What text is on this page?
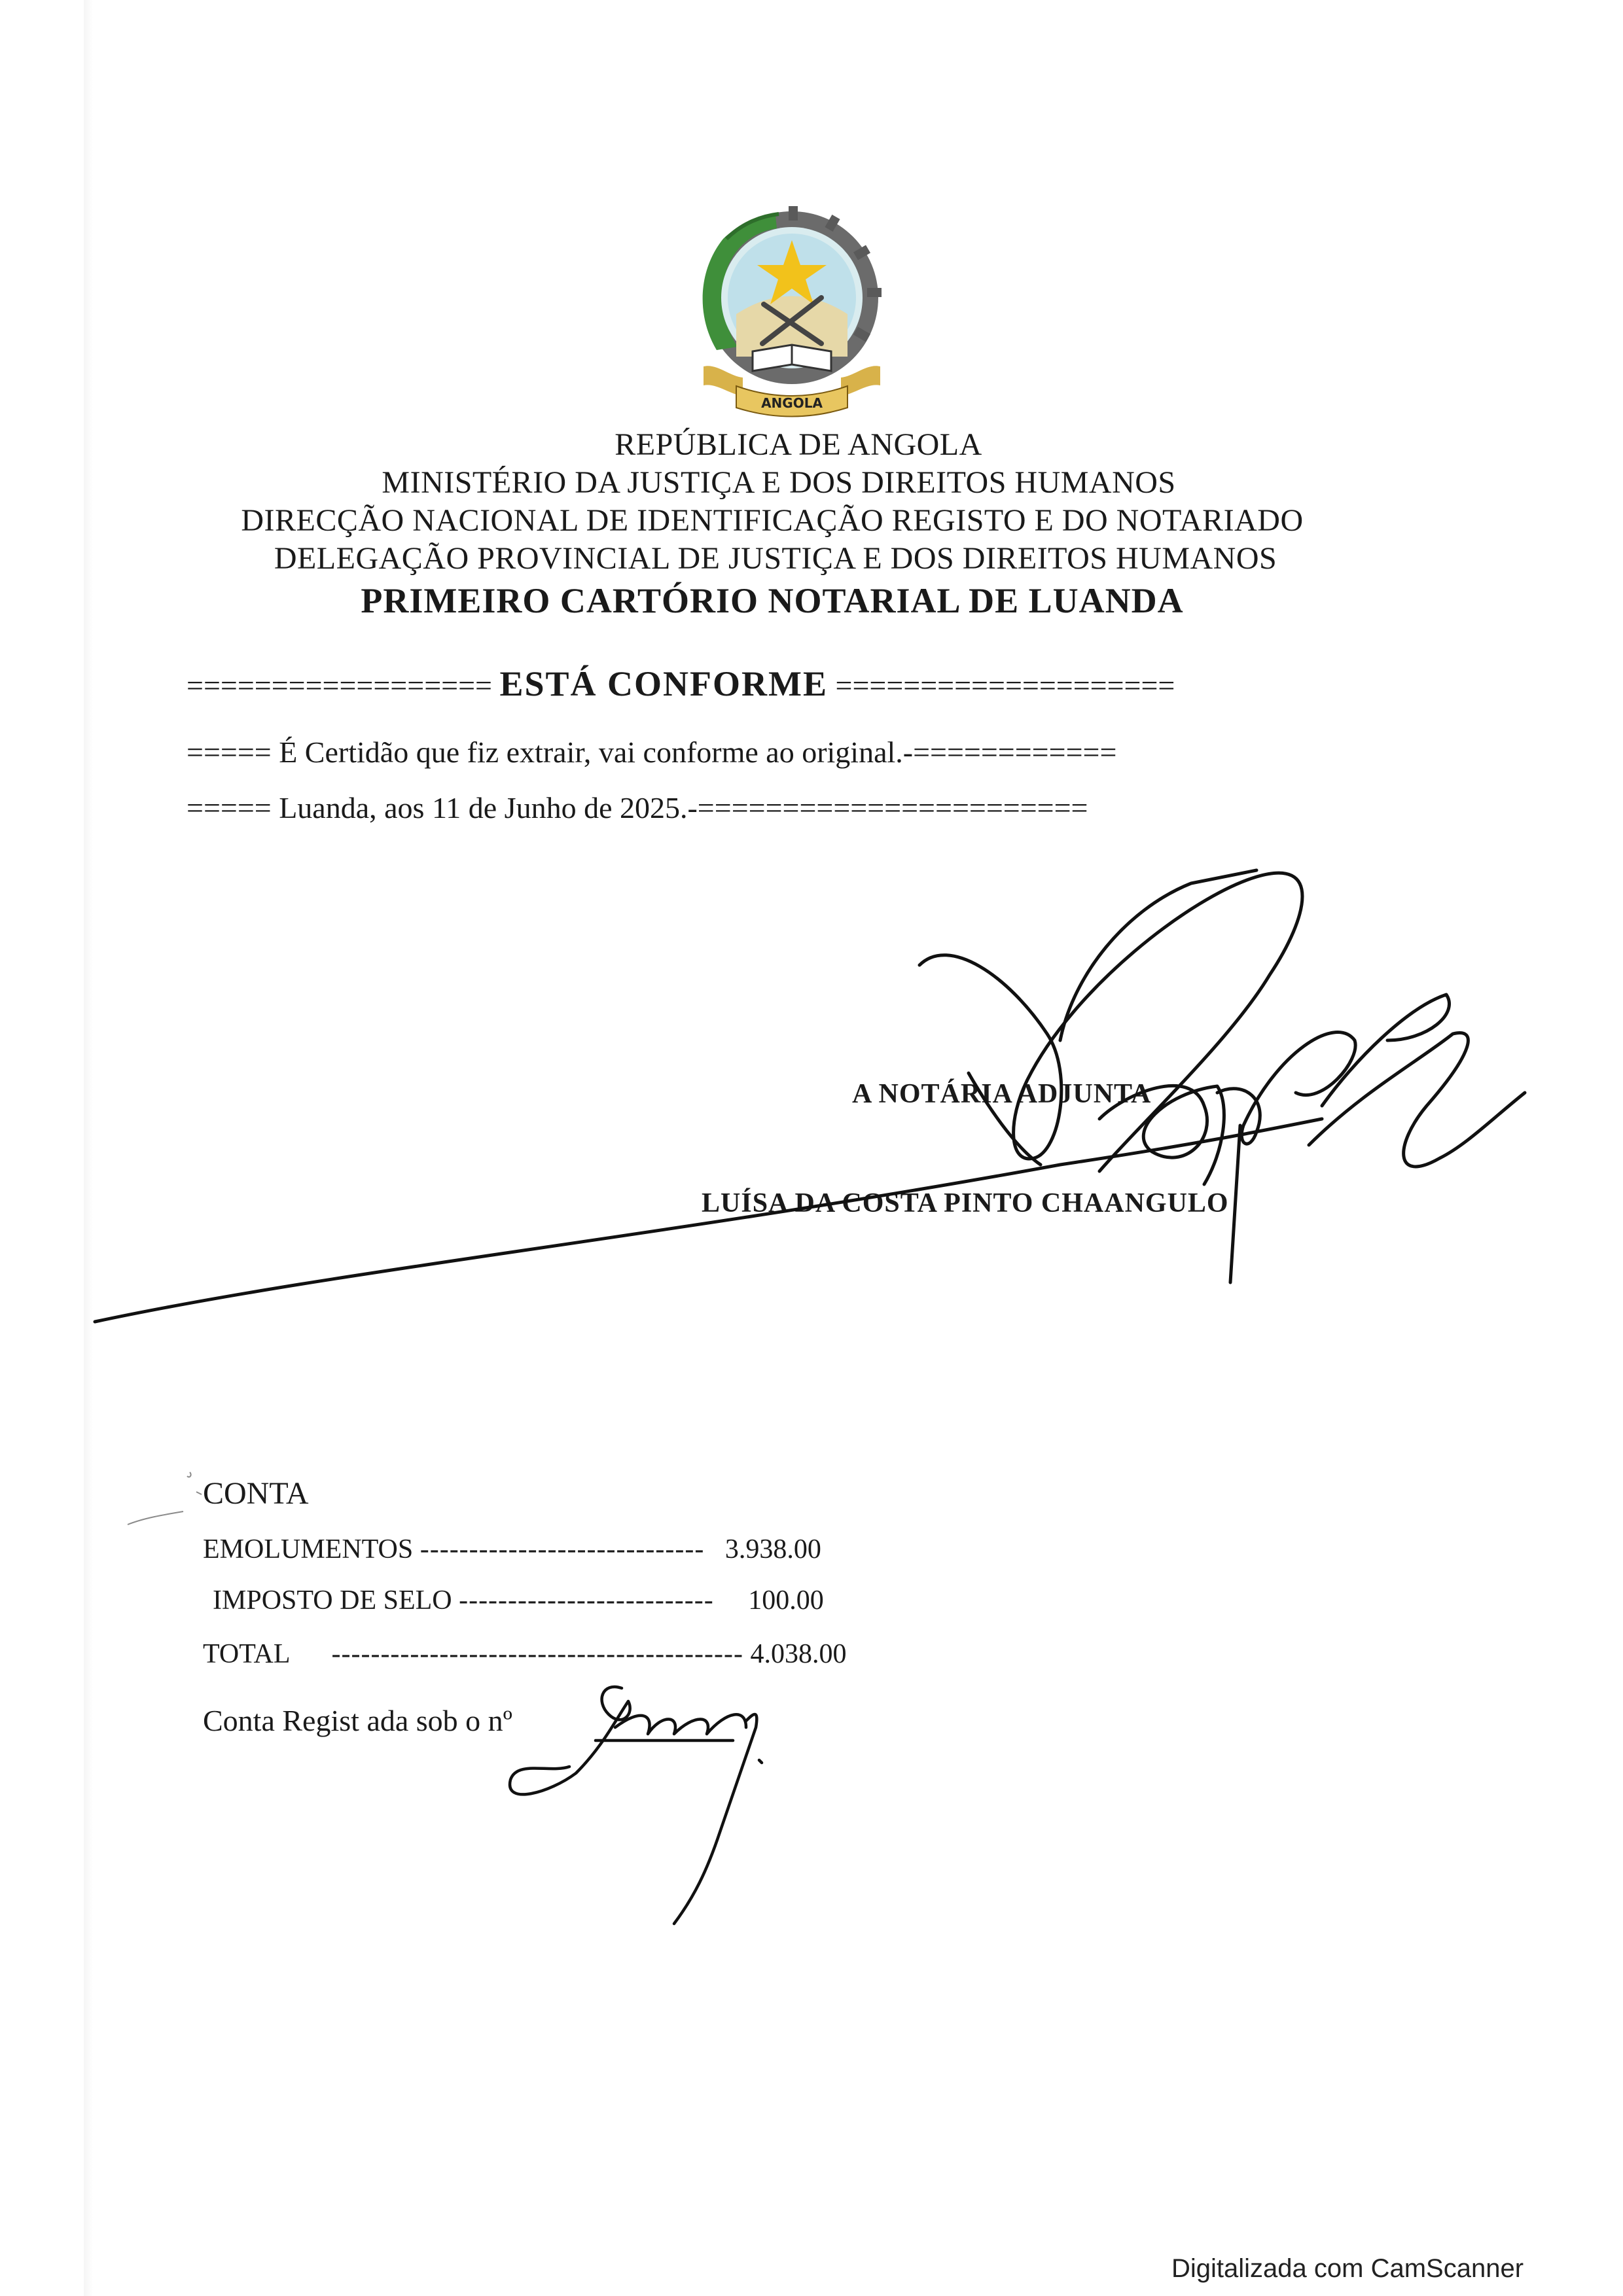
ANGOLA
REPÚBLICA DE ANGOLA
MINISTÉRIO DA JUSTIÇA E DOS DIREITOS HUMANOS
DIRECÇÃO NACIONAL DE IDENTIFICAÇÃO REGISTO E DO NOTARIADO
DELEGAÇÃO PROVINCIAL DE JUSTIÇA E DOS DIREITOS HUMANOS
PRIMEIRO CARTÓRIO NOTARIAL DE LUANDA
================== ESTÁ CONFORME ====================
===== É Certidão que fiz extrair, vai conforme ao original.-============
===== Luanda, aos 11 de Junho de 2025.-=======================
A NOTÁRIA ADJUNTA
LUÍSA DA COSTA PINTO CHAANGULO
CONTA
EMOLUMENTOS ----------------------------- 3.938.00
IMPOSTO DE SELO -------------------------- 100.00
TOTAL ------------------------------------------ 4.038.00
Conta Regist ada sob o nº
Digitalizada com CamScanner
